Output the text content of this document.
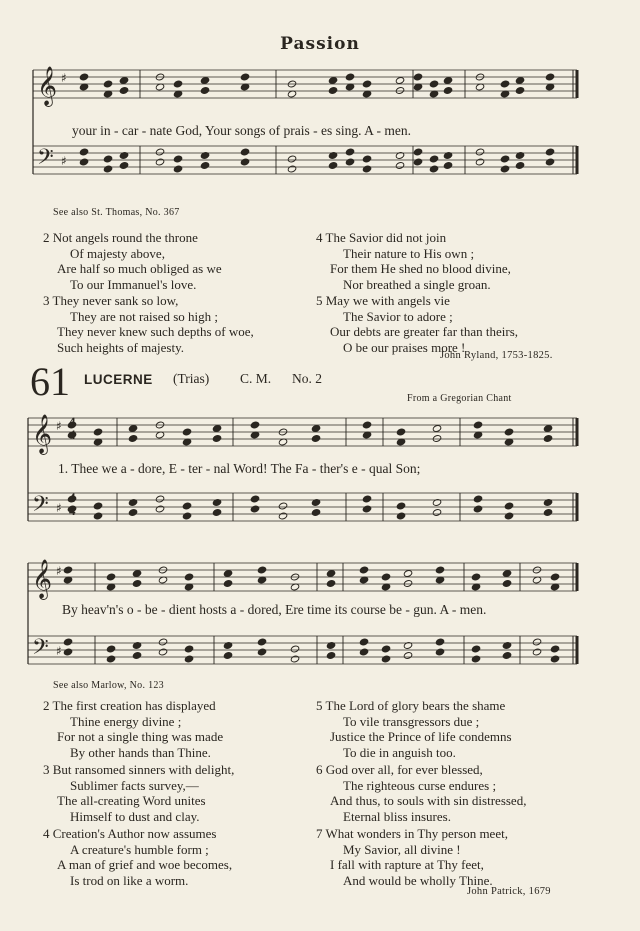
Passion
𝄞
𝄢
♯
♯
𝄞
𝄢
♯
♯
4
4
4
4
𝄞
𝄢
♯
♯
your in - car - nate God, Your songs of prais - es sing. A - men.
See also St. Thomas, No. 367
2 Not angels round the throne
Of majesty above,
Are half so much obliged as we
To our Immanuel's love.
3 They never sank so low,
They are not raised so high ;
They never knew such depths of woe,
Such heights of majesty.
4 The Savior did not join
Their nature to His own ;
For them He shed no blood divine,
Nor breathed a single groan.
5 May we with angels vie
The Savior to adore ;
Our debts are greater far than theirs,
O be our praises more !
John Ryland, 1753-1825.
61 LUCERNE (Trias) C. M. No. 2
From a Gregorian Chant
1. Thee we a - dore, E - ter - nal Word! The Fa - ther's e - qual Son;
By heav'n's o - be - dient hosts a - dored, Ere time its course be - gun. A - men.
See also Marlow, No. 123
2 The first creation has displayed
Thine energy divine ;
For not a single thing was made
By other hands than Thine.
3 But ransomed sinners with delight,
Sublimer facts survey,—
The all-creating Word unites
Himself to dust and clay.
4 Creation's Author now assumes
A creature's humble form ;
A man of grief and woe becomes,
Is trod on like a worm.
5 The Lord of glory bears the shame
To vile transgressors due ;
Justice the Prince of life condemns
To die in anguish too.
6 God over all, for ever blessed,
The righteous curse endures ;
And thus, to souls with sin distressed,
Eternal bliss insures.
7 What wonders in Thy person meet,
My Savior, all divine !
I fall with rapture at Thy feet,
And would be wholly Thine.
John Patrick, 1679
